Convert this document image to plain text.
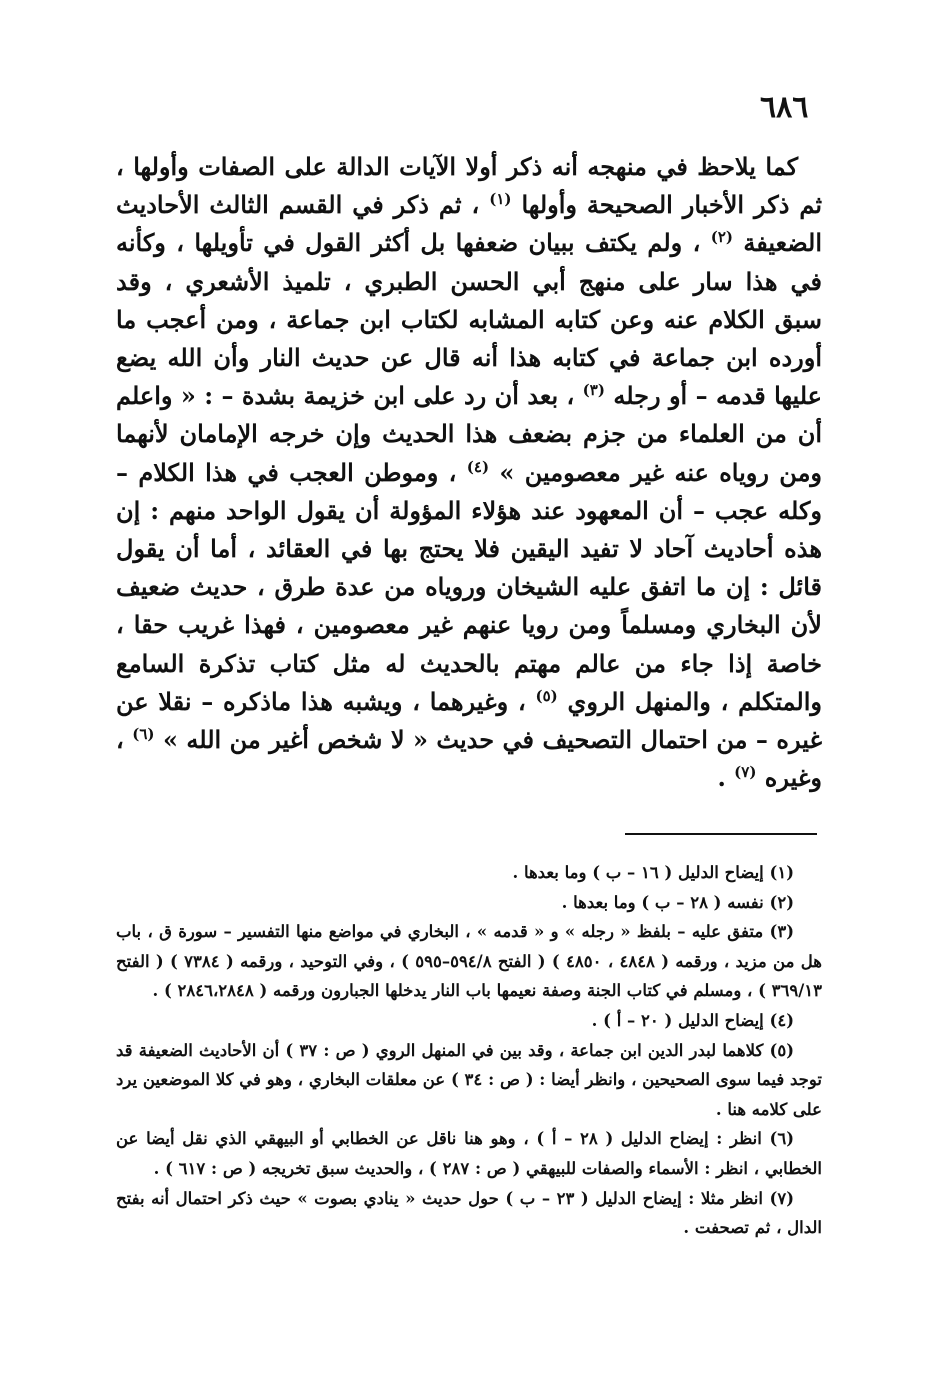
٦٨٦

كما يلاحظ في منهجه أنه ذكر أولا الآيات الدالة على الصفات وأولها ، ثم ذكر الأخبار الصحيحة وأولها $^{(١)}$ ، ثم ذكر في القسم الثالث الأحاديث الضعيفة $^{(٢)}$ ، ولم يكتف ببيان ضعفها بل أكثر القول في تأويلها ، وكأنه في هذا سار على منهج أبي الحسن الطبري ، تلميذ الأشعري ، وقد سبق الكلام عنه وعن كتابه المشابه لكتاب ابن جماعة ، ومن أعجب ما أورده ابن جماعة في كتابه هذا أنه قال عن حديث النار وأن الله يضع عليها قدمه – أو رجله $^{(٣)}$ ، بعد أن رد على ابن خزيمة بشدة – : « واعلم أن من العلماء من جزم بضعف هذا الحديث وإن خرجه الإمامان لأنهما ومن روياه عنه غير معصومين » $^{(٤)}$ ، وموطن العجب في هذا الكلام – وكله عجب – أن المعهود عند هؤلاء المؤولة أن يقول الواحد منهم : إن هذه أحاديث آحاد لا تفيد اليقين فلا يحتج بها في العقائد ، أما أن يقول قائل : إن ما اتفق عليه الشيخان وروياه من عدة طرق ، حديث ضعيف لأن البخاري ومسلماً ومن رويا عنهم غير معصومين ، فهذا غريب حقا ، خاصة إذا جاء من عالم مهتم بالحديث له مثل كتاب تذكرة السامع والمتكلم ، والمنهل الروي $^{(٥)}$ ، وغيرهما ، ويشبه هذا ماذكره – نقلا عن غيره – من احتمال التصحيف في حديث « لا شخص أغير من الله » $^{(٦)}$ ، وغيره $^{(٧)}$ .

(١) إيضاح الدليل ( ١٦ – ب ) وما بعدها .

(٢) نفسه ( ٢٨ – ب ) وما بعدها .

(٣) متفق عليه – بلفظ « رجله » و « قدمه » ، البخاري في مواضع منها التفسير – سورة ق ، باب هل من مزيد ، ورقمه ( ٤٨٤٨ ، ٤٨٥٠ ) ( الفتح ٥٩٤/٨–٥٩٥ ) ، وفي التوحيد ، ورقمه ( ٧٣٨٤ ) ( الفتح ٣٦٩/١٣ ) ، ومسلم في كتاب الجنة وصفة نعيمها باب النار يدخلها الجبارون ورقمه ( ٢٨٤٦،٢٨٤٨ ) .

(٤) إيضاح الدليل ( ٢٠ – أ ) .

(٥) كلاهما لبدر الدين ابن جماعة ، وقد بين في المنهل الروي ( ص : ٣٧ ) أن الأحاديث الضعيفة قد توجد فيما سوى الصحيحين ، وانظر أيضا : ( ص : ٣٤ ) عن معلقات البخاري ، وهو في كلا الموضعين يرد على كلامه هنا .

(٦) انظر : إيضاح الدليل ( ٢٨ – أ ) ، وهو هنا ناقل عن الخطابي أو البيهقي الذي نقل أيضا عن الخطابي ، انظر : الأسماء والصفات للبيهقي ( ص : ٢٨٧ ) ، والحديث سبق تخريجه ( ص : ٦١٧ ) .

(٧) انظر مثلا : إيضاح الدليل ( ٢٣ – ب ) حول حديث « ينادي بصوت » حيث ذكر احتمال أنه بفتح الدال ، ثم تصحفت .
